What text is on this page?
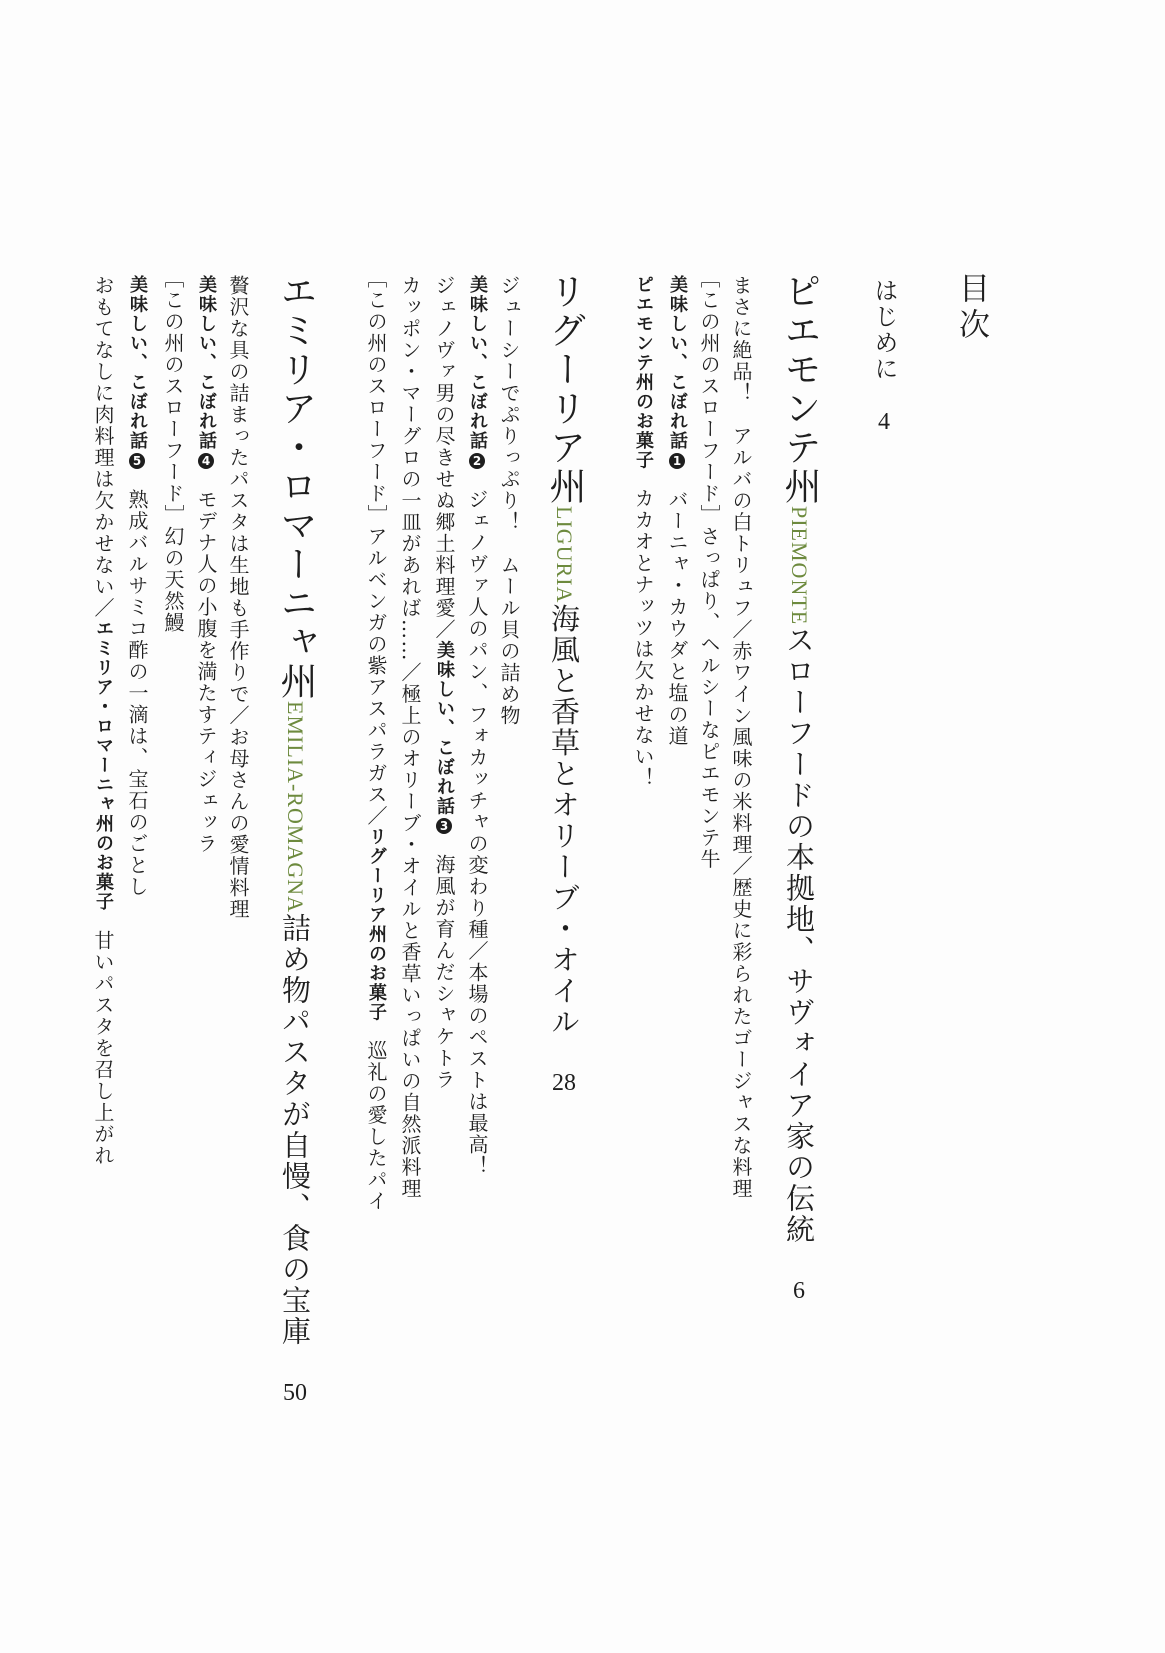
目次
はじめに4
ピエモンテ州PIEMONTEスローフードの本拠地、サヴォイア家の伝統6
まさに絶品！　アルバの白トリュフ／赤ワイン風味の米料理／歴史に彩られたゴージャスな料理
［この州のスローフード］さっぱり、ヘルシーなピエモンテ牛
美味しい、こぼれ話1バーニャ・カウダと塩の道
ピエモンテ州のお菓子カカオとナッツは欠かせない！
リグーリア州LIGURIA海風と香草とオリーブ・オイル28
ジューシーでぷりっぷり！　ムール貝の詰め物
美味しい、こぼれ話2ジェノヴァ人のパン、フォカッチャの変わり種／本場のペストは最高！
ジェノヴァ男の尽きせぬ郷土料理愛／美味しい、こぼれ話3海風が育んだシャケトラ
カッポン・マーグロの一皿があれば……／極上のオリーブ・オイルと香草いっぱいの自然派料理
［この州のスローフード］アルベンガの紫アスパラガス／リグーリア州のお菓子巡礼の愛したパイ
エミリア・ロマーニャ州EMILIA-ROMAGNA詰め物パスタが自慢、食の宝庫50
贅沢な具の詰まったパスタは生地も手作りで／お母さんの愛情料理
美味しい、こぼれ話4モデナ人の小腹を満たすティジェッラ
［この州のスローフード］幻の天然鰻
美味しい、こぼれ話5熟成バルサミコ酢の一滴は、宝石のごとし
おもてなしに肉料理は欠かせない／エミリア・ロマーニャ州のお菓子甘いパスタを召し上がれ
